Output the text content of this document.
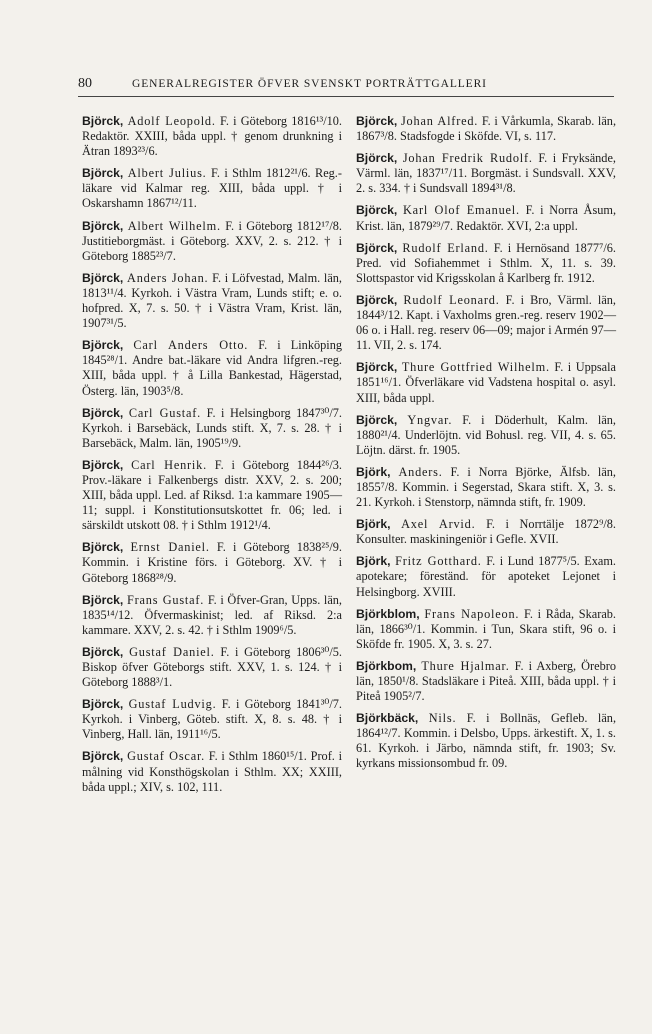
80	GENERALREGISTER ÖFVER SVENSKT PORTRÄTTGALLERI

Björck, Adolf Leopold. F. i Göteborg 1816¹³/10. Redaktör. XXIII, båda uppl. † genom drunkning i Ätran 1893²³/6.

Björck, Albert Julius. F. i Sthlm 1812²¹/6. Reg.-läkare vid Kalmar reg. XIII, båda uppl. † i Oskarshamn 1867¹²/11.

Björck, Albert Wilhelm. F. i Göteborg 1812¹⁷/8. Justitieborgmäst. i Göteborg. XXV, 2. s. 212. † i Göteborg 1885²³/7.

Björck, Anders Johan. F. i Löfvestad, Malm. län, 1813¹¹/4. Kyrkoh. i Västra Vram, Lunds stift; e. o. hofpred. X, 7. s. 50. † i Västra Vram, Krist. län, 1907³¹/5.

Björck, Carl Anders Otto. F. i Linköping 1845²⁸/1. Andre bat.-läkare vid Andra lifgren.-reg. XIII, båda uppl. † å Lilla Bankestad, Hägerstad, Österg. län, 1903⁵/8.

Björck, Carl Gustaf. F. i Helsingborg 1847³⁰/7. Kyrkoh. i Barsebäck, Lunds stift. X, 7. s. 28. † i Barsebäck, Malm. län, 1905¹⁹/9.

Björck, Carl Henrik. F. i Göteborg 1844²⁶/3. Prov.-läkare i Falkenbergs distr. XXV, 2. s. 200; XIII, båda uppl. Led. af Riksd. 1:a kammare 1905—11; suppl. i Konstitutionsutskottet fr. 06; led. i särskildt utskott 08. † i Sthlm 1912¹/4.

Björck, Ernst Daniel. F. i Göteborg 1838²⁵/9. Kommin. i Kristine förs. i Göteborg. XV. † i Göteborg 1868²⁸/9.

Björck, Frans Gustaf. F. i Öfver-Gran, Upps. län, 1835¹⁴/12. Öfvermaskinist; led. af Riksd. 2:a kammare. XXV, 2. s. 42. † i Sthlm 1909⁶/5.

Björck, Gustaf Daniel. F. i Göteborg 1806³⁰/5. Biskop öfver Göteborgs stift. XXV, 1. s. 124. † i Göteborg 1888³/1.

Björck, Gustaf Ludvig. F. i Göteborg 1841³⁰/7. Kyrkoh. i Vinberg, Göteb. stift. X, 8. s. 48. † i Vinberg, Hall. län, 1911¹⁶/5.

Björck, Gustaf Oscar. F. i Sthlm 1860¹⁵/1. Prof. i målning vid Konsthögskolan i Sthlm. XX; XXIII, båda uppl.; XIV, s. 102, 111.

Björck, Johan Alfred. F. i Vårkumla, Skarab. län, 1867³/8. Stadsfogde i Sköfde. VI, s. 117.

Björck, Johan Fredrik Rudolf. F. i Fryksände, Värml. län, 1837¹⁷/11. Borgmäst. i Sundsvall. XXV, 2. s. 334. † i Sundsvall 1894³¹/8.

Björck, Karl Olof Emanuel. F. i Norra Åsum, Krist. län, 1879²⁹/7. Redaktör. XVI, 2:a uppl.

Björck, Rudolf Erland. F. i Hernösand 1877⁷/6. Pred. vid Sofiahemmet i Sthlm. X, 11. s. 39. Slottspastor vid Krigsskolan å Karlberg fr. 1912.

Björck, Rudolf Leonard. F. i Bro, Värml. län, 1844³/12. Kapt. i Vaxholms gren.-reg. reserv 1902—06 o. i Hall. reg. reserv 06—09; major i Armén 97—11. VII, 2. s. 174.

Björck, Thure Gottfried Wilhelm. F. i Uppsala 1851¹⁶/1. Öfverläkare vid Vadstena hospital o. asyl. XIII, båda uppl.

Björck, Yngvar. F. i Döderhult, Kalm. län, 1880²¹/4. Underlöjtn. vid Bohusl. reg. VII, 4. s. 65. Löjtn. därst. fr. 1905.

Björk, Anders. F. i Norra Björke, Älfsb. län, 1855⁷/8. Kommin. i Segerstad, Skara stift. X, 3. s. 21. Kyrkoh. i Stenstorp, nämnda stift, fr. 1909.

Björk, Axel Arvid. F. i Norrtälje 1872⁹/8. Konsulter. maskiningeniör i Gefle. XVII.

Björk, Fritz Gotthard. F. i Lund 1877⁵/5. Exam. apotekare; föreständ. för apoteket Lejonet i Helsingborg. XVIII.

Björkblom, Frans Napoleon. F. i Råda, Skarab. län, 1866³⁰/1. Kommin. i Tun, Skara stift, 96 o. i Sköfde fr. 1905. X, 3. s. 27.

Björkbom, Thure Hjalmar. F. i Axberg, Örebro län, 1850¹/8. Stadsläkare i Piteå. XIII, båda uppl. † i Piteå 1905²/7.

Björkbäck, Nils. F. i Bollnäs, Gefleb. län, 1864¹²/7. Kommin. i Delsbo, Upps. ärkestift. X, 1. s. 61. Kyrkoh. i Järbo, nämnda stift, fr. 1903; Sv. kyrkans missionsombud fr. 09.
